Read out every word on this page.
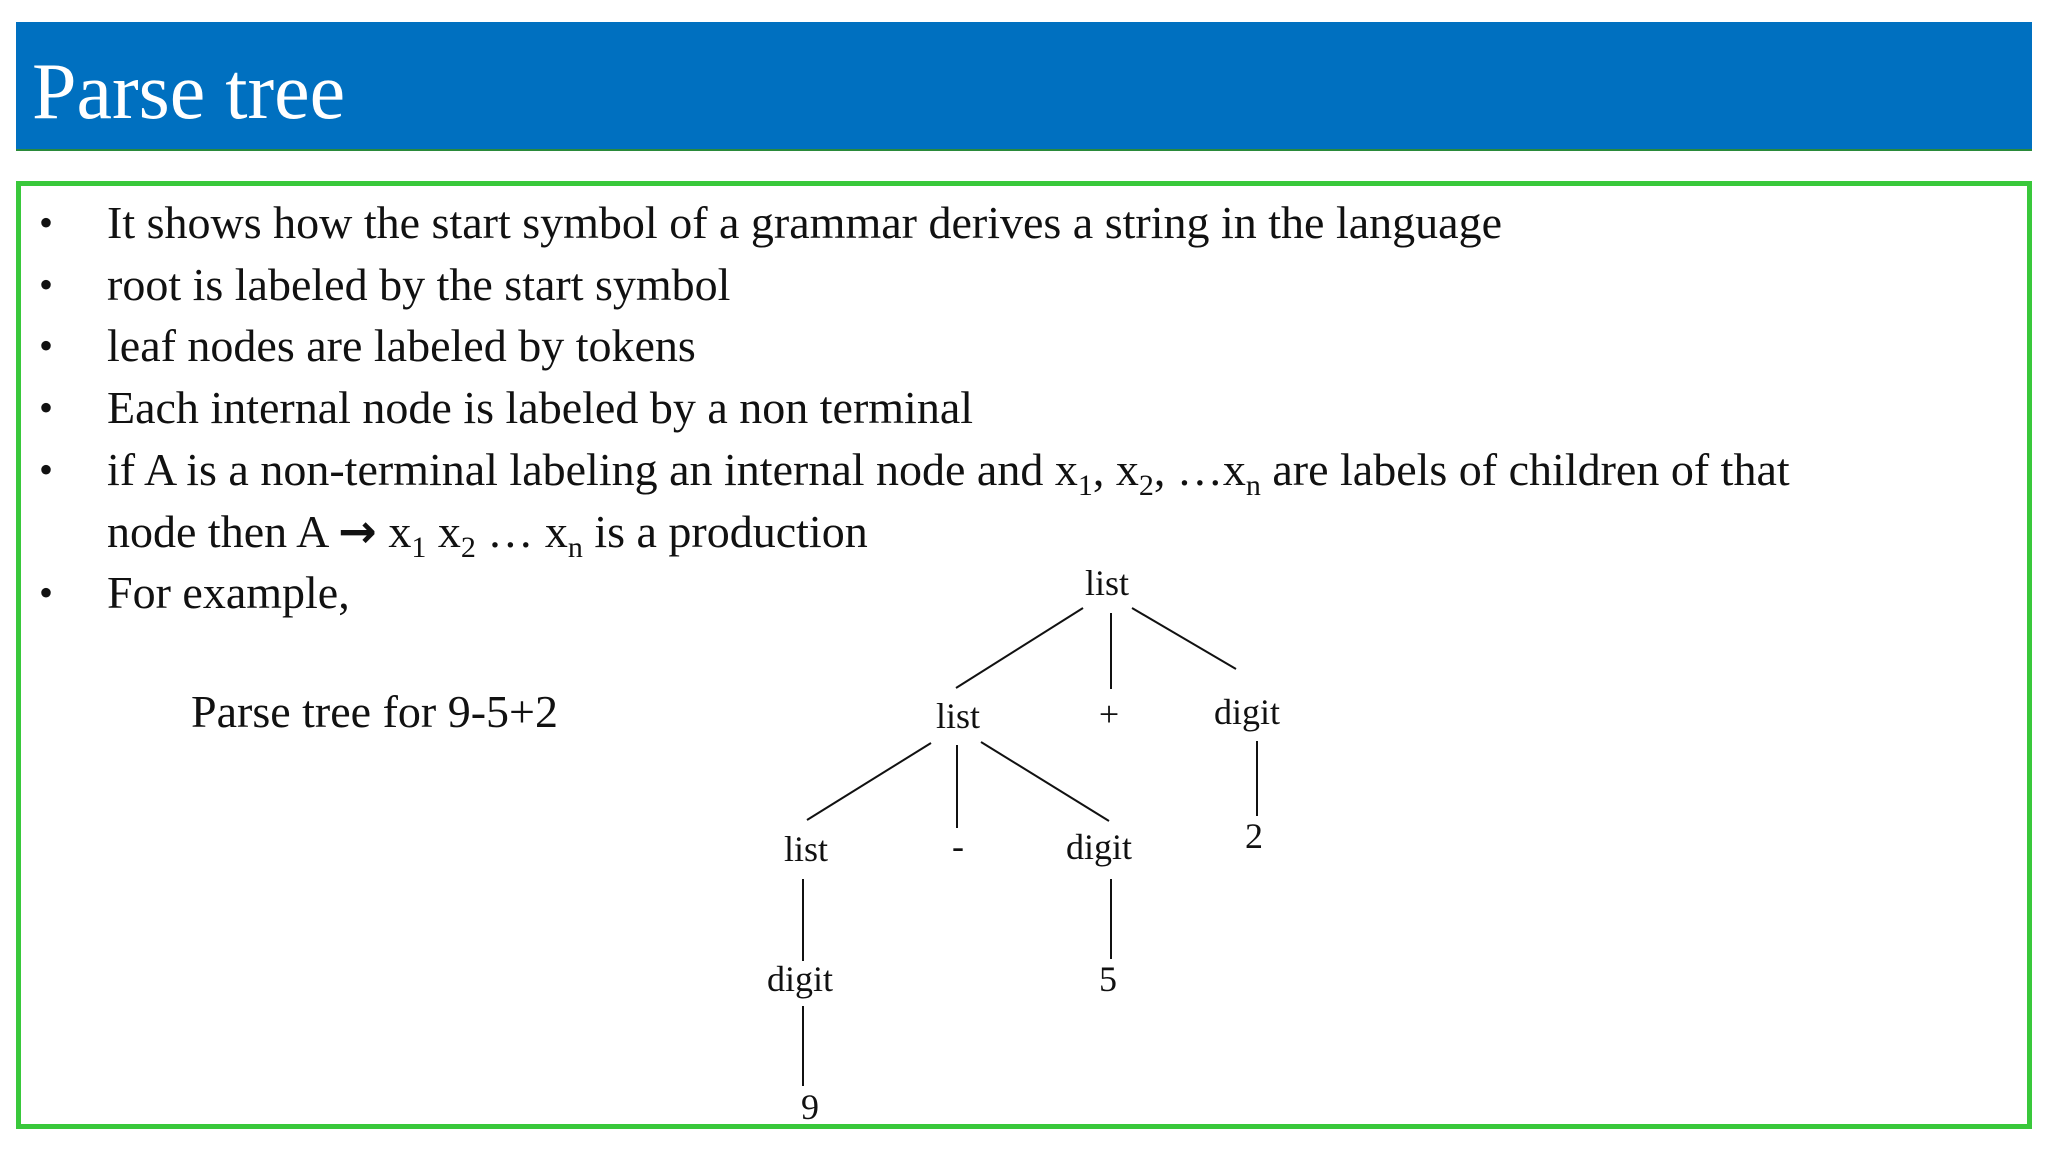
Parse tree
•	It shows how the start symbol of a grammar derives a string in the language
•	root is labeled by the start symbol
•	leaf nodes are labeled by tokens
•	Each internal node is labeled by a non terminal
•	if A is a non-terminal labeling an internal node and $x_1$, $x_2$, $\dots x_n$ are labels of children of that
node then $A \to x_1$ $x_2$ … $x_n$ is a production
•	For example,
Parse tree for 9-5+2
list
list	+	digit
list	-	digit	2
digit	5
9
